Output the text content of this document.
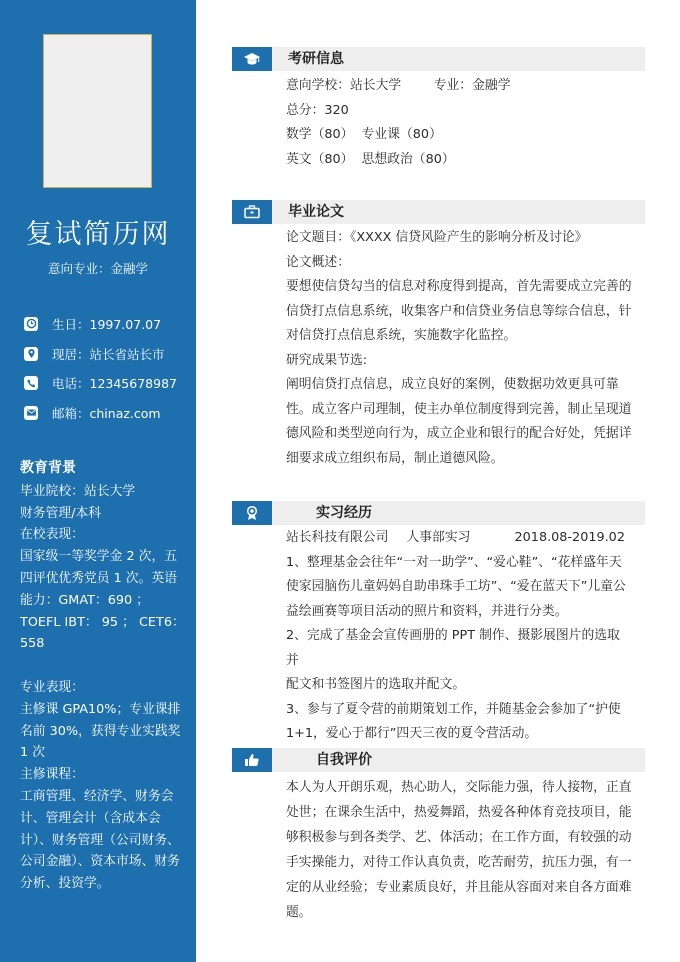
复试简历网
意向专业：金融学
生日：1997.07.07
现居：站长省站长市
电话：12345678987
邮箱：chinaz.com
教育背景

毕业院校：站长大学

财务管理/本科

在校表现：

国家级一等奖学金 2 次，五

四评优优秀党员 1 次。英语

能力：GMAT：690 ；

TOEFL IBT： 95 ； CET6：

558

专业表现：

主修课 GPA10%；专业课排

名前 30%，获得专业实践奖

1 次

主修课程：

工商管理、经济学、财务会

计、管理会计（含成本会

计）、财务管理（公司财务、

公司金融）、资本市场、财务

分析、投资学。

考研信息

意向学校：站长大学        专业：金融学

总分：320

数学（80）  专业课（80）

英文（80）  思想政治（80）

毕业论文

论文题目：《XXXX 信贷风险产生的影响分析及讨论》

论文概述：

要想使信贷勾当的信息对称度得到提高，首先需要成立完善的

信贷打点信息系统，收集客户和信贷业务信息等综合信息，针

对信贷打点信息系统，实施数字化监控。

研究成果节选:

阐明信贷打点信息，成立良好的案例，使数据功效更具可靠

性。成立客户司理制，使主办单位制度得到完善，制止呈现道

德风险和类型逆向行为，成立企业和银行的配合好处，凭据详

细要求成立组织布局，制止道德风险。

实习经历

站长科技有限公司 人事部实习	2018.08-2019.02

1、整理基金会往年“一对一助学”、“爱心鞋”、“花样盛年天

使家园脑伤儿童妈妈自助串珠手工坊”、“爱在蓝天下”儿童公

益绘画赛等项目活动的照片和资料，并进行分类。

2、完成了基金会宣传画册的 PPT 制作、摄影展图片的选取并

配文和书签图片的选取并配文。

3、参与了夏令营的前期策划工作，并随基金会参加了“护使

1+1，爱心于都行”四天三夜的夏令营活动。

自我评价

本人为人开朗乐观，热心助人，交际能力强，待人接物，正直

处世；在课余生活中，热爱舞蹈，热爱各种体育竞技项目，能

够积极参与到各类学、艺、体活动；在工作方面，有较强的动

手实操能力，对待工作认真负责，吃苦耐劳，抗压力强，有一

定的从业经验；专业素质良好，并且能从容面对来自各方面难

题。
